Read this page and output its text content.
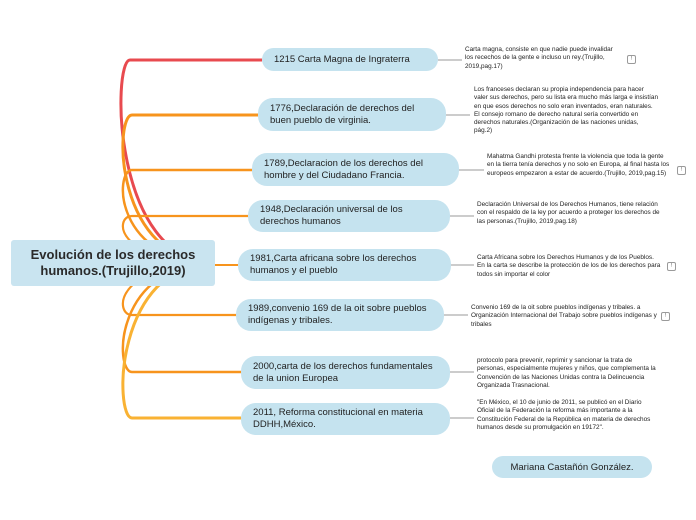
Evolución de los derechos humanos.(Trujillo,2019)
1215 Carta Magna de Ingraterra
Carta magna, consiste en que nadie puede invalidar los recechos de la gente e incluso un rey.(Trujillo, 2019,pag.17)
!
1776,Declaración de derechos del buen pueblo de virginia.
Los franceses declaran su propia independencia para hacer valer sus derechos, pero su lista era mucho más larga e insistían en que esos derechos no solo eran inventados, eran naturales. El consejo romano de derecho natural sería convertido en derechos naturales.(Organización de las naciones unidas, pág.2)
1789,Declaracion de los derechos del hombre y del Ciudadano Francia.
Mahatma Gandhi protesta frente la violencia que toda la gente en la tierra tenía derechos y no solo en Europa, al final hasta los europeos empezaron a estar de acuerdo.(Trujillo, 2019,pag.15)	!
1948,Declaración universal de los derechos humanos
Declaración Universal de los Derechos Humanos, tiene relación con el respaldo de la ley por acuerdo a proteger los derechos de las personas.(Trujillo, 2019,pag.18)
1981,Carta africana sobre los derechos humanos y el pueblo
Carta Africana sobre los Derechos Humanos y de los Pueblos. En la carta se describe la protección de los de los derechos para todos sin importar el color
!
1989,convenio 169 de la oit sobre pueblos indígenas y tribales.
Convenio 169 de la oit sobre pueblos indígenas y tribales. a Organización Internacional del Trabajo sobre pueblos indígenas y tribales
!
2000,carta de los derechos fundamentales de la union Europea
protocolo para prevenir, reprimir y sancionar la trata de personas, especialmente mujeres y niños, que complementa la Convención de las Naciones Unidas contra la Delincuencia Organizada Trasnacional.
2011, Reforma constitucional en materia DDHH,México.
"En México, el 10 de junio de 2011, se publicó en el Diario Oficial de la Federación la reforma más importante a la Constitución Federal de la República en materia de derechos humanos desde su promulgación en 19172".
Mariana Castañón González.
